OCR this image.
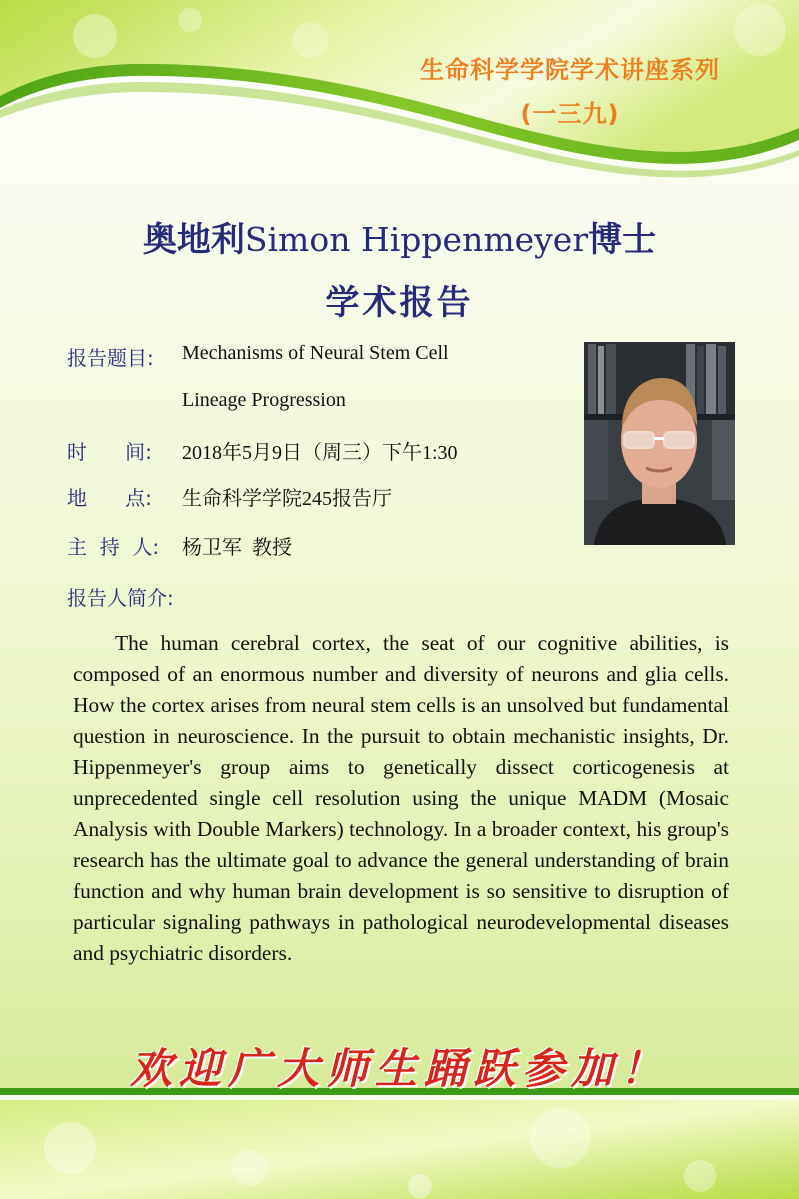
生命科学学院学术讲座系列
(一三九)
奥地利Simon Hippenmeyer博士
学术报告
报告题目: Mechanisms of Neural Stem Cell
Lineage Progression
时      间: 2018年5月9日（周三）下午1:30
地      点: 生命科学学院245报告厅
主  持  人: 杨卫军  教授
报告人简介:

The human cerebral cortex, the seat of our cognitive abilities, is composed of an enormous number and diversity of neurons and glia cells. How the cortex arises from neural stem cells is an unsolved but fundamental question in neuroscience. In the pursuit to obtain mechanistic insights, Dr. Hippenmeyer's group aims to genetically dissect corticogenesis at unprecedented single cell resolution using the unique MADM (Mosaic Analysis with Double Markers) technology. In a broader context, his group's research has the ultimate goal to advance the general understanding of brain function and why human brain development is so sensitive to disruption of particular signaling pathways in pathological neurodevelopmental diseases and psychiatric disorders.

欢迎广大师生踊跃参加！
